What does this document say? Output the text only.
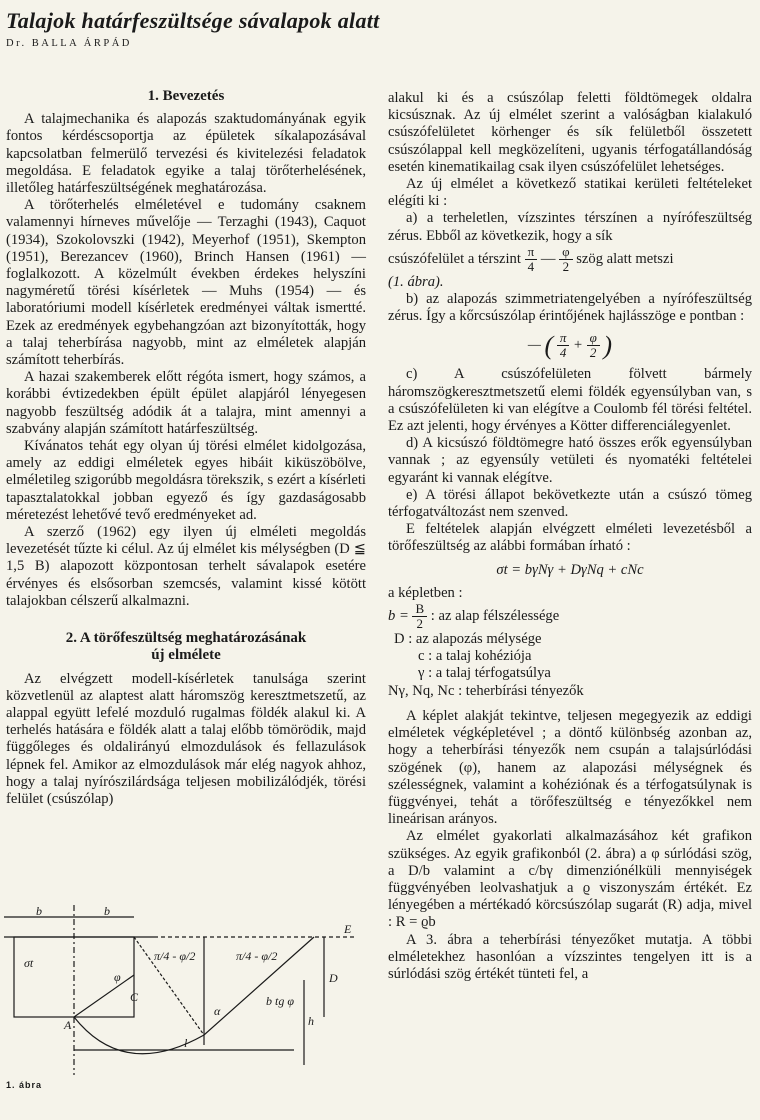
Talajok határfeszültsége sávalapok alatt
Dr. BALLA ÁRPÁD
1. Bevezetés

A talajmechanika és alapozás szaktudományának egyik fontos kérdéscsoportja az épületek síkalapozásával kapcsolatban felmerülő tervezési és kivitelezési feladatok megoldása. E feladatok egyike a talaj törőterhelésének, illetőleg határfeszültségének meghatározása.

A törőterhelés elméletével e tudomány csaknem valamennyi hírneves művelője — Terzaghi (1943), Caquot (1934), Szokolovszki (1942), Meyerhof (1951), Skempton (1951), Berezancev (1960), Brinch Hansen (1961) — foglalkozott. A közelmúlt években érdekes helyszíni nagyméretű törési kísérletek — Muhs (1954) — és laboratóriumi modell kísérletek eredményei váltak ismertté. Ezek az eredmények egybehangzóan azt bizonyították, hogy a talaj teherbírása nagyobb, mint az elméletek alapján számított teherbírás.

A hazai szakemberek előtt régóta ismert, hogy számos, a korábbi évtizedekben épült épület alapjáról lényegesen nagyobb feszültség adódik át a talajra, mint amennyi a szabvány alapján számított határfeszültség.

Kívánatos tehát egy olyan új törési elmélet kidolgozása, amely az eddigi elméletek egyes hibáit kiküszöbölve, elméletileg szigorúbb megoldásra törekszik, s ezért a kísérleti tapasztalatokkal jobban egyező és így gazdaságosabb méretezést lehetővé tevő eredményeket ad.

A szerző (1962) egy ilyen új elméleti megoldás levezetését tűzte ki célul. Az új elmélet kis mélységben (D ≦ 1,5 B) alapozott központosan terhelt sávalapok esetére érvényes és elsősorban szemcsés, valamint kissé kötött talajokban célszerű alkalmazni.

2. A törőfeszültség meghatározásának
új elmélete

Az elvégzett modell-kísérletek tanulsága szerint közvetlenül az alaptest alatt háromszög keresztmetszetű, az alappal együtt lefelé mozduló rugalmas földék alakul ki. A terhelés hatására e földék alatt a talaj előbb tömörödik, majd függőleges és oldalirányú elmozdulások és fellazulások lépnek fel. Amikor az elmozdulások már elég nagyok ahhoz, hogy a talaj nyírószilárdsága teljesen mobilizálódjék, törési felület (csúszólap)

alakul ki és a csúszólap feletti földtömegek oldalra kicsúsznak. Az új elmélet szerint a valóságban kialakuló csúszófelületet körhenger és sík felületből összetett csúszólappal kell megközelíteni, ugyanis térfogatállandóság esetén kinematikailag csak ilyen csúszófelület lehetséges.

Az új elmélet a következő statikai kerületi feltételeket elégíti ki :

a) a terheletlen, vízszintes térszínen a nyírófeszültség zérus. Ebből az következik, hogy a sík

csúszófelület a térszint $\frac{\pi}{4}$ — $\frac{\varphi}{2}$ szög alatt metszi

(1. ábra).

b) az alapozás szimmetriatengelyében a nyírófeszültség zérus. Így a kőrcsúszólap érintőjének hajlásszöge e pontban :

— ( $\frac{\pi}{4} + \frac{\varphi}{2}$ )

c) A csúszófelületen fölvett bármely háromszögkeresztmetszetű elemi földék egyensúlyban van, s a csúszófelületen ki van elégítve a Coulomb fél törési feltétel. Ez azt jelenti, hogy érvényes a Kötter differenciálegyenlet.

d) A kicsúszó földtömegre ható összes erők egyensúlyban vannak ; az egyensúly vetületi és nyomatéki feltételei egyaránt ki vannak elégítve.

e) A törési állapot bekövetkezte után a csúszó tömeg térfogatváltozást nem szenved.

E feltételek alapján elvégzett elméleti levezetésből a törőfeszültség az alábbi formában írható :

σt = bγNγ + DγNq + cNc

a képletben :

$b = \frac{B}{2}$ : az alap félszélessége

D : az alapozás mélysége

c : a talaj kohéziója

γ : a talaj térfogatsúlya

Nγ, Nq, Nc : teherbírási tényezők

A képlet alakját tekintve, teljesen megegyezik az eddigi elméletek végképletével ; a döntő különbség azonban az, hogy a teherbírási tényezők nem csupán a talajsúrlódási szögének (φ), hanem az alapozási mélységnek és szélességnek, valamint a kohéziónak és a térfogatsúlynak is függvényei, tehát a törőfeszültség e tényezőkkel nem lineárisan arányos.

Az elmélet gyakorlati alkalmazásához két grafikon szükséges. Az egyik grafikonból (2. ábra) a φ súrlódási szög, a D/b valamint a c/bγ dimenziónélküli mennyiségek függvényében leolvashatjuk a ϱ viszonyszám értékét. Ez lényegében a mértékadó körcsúszólap sugarát (R) adja, mivel : R = ϱb

A 3. ábra a teherbírási tényezőket mutatja. A többi elméletekhez hasonlóan a vízszintes tengelyen itt is a súrlódási szög értékét tünteti fel, a

b	b
D
h
E
A
C
α
l
σt
b tg φ
π/4 - φ/2	π/4 - φ/2
φ
1. ábra
